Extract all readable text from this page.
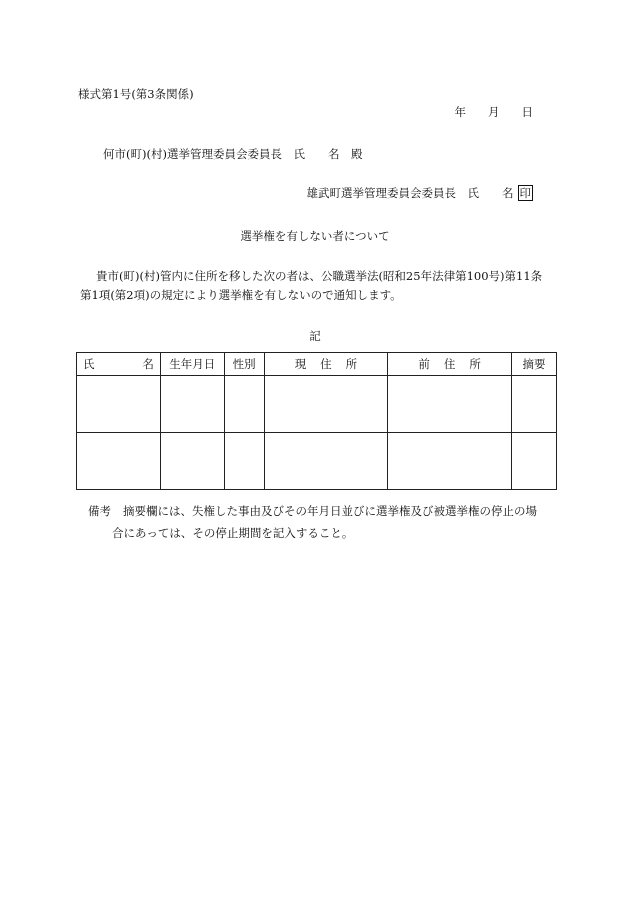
様式第1号(第3条関係)

年 月 日

何市(町)(村)選挙管理委員会委員長　氏　　名　殿

雄武町選挙管理委員会委員長　氏　　名 印

選挙権を有しない者について

貴市(町)(村)管内に住所を移した次の者は、公職選挙法(昭和25年法律第100号)第11条
第1項(第2項)の規定により選挙権を有しないので通知します。

記

氏 名	生年月日	性別	現住所	前住所	摘要

備考 摘要欄には、失権した事由及びその年月日並びに選挙権及び被選挙権の停止の場
合にあっては、その停止期間を記入すること。
